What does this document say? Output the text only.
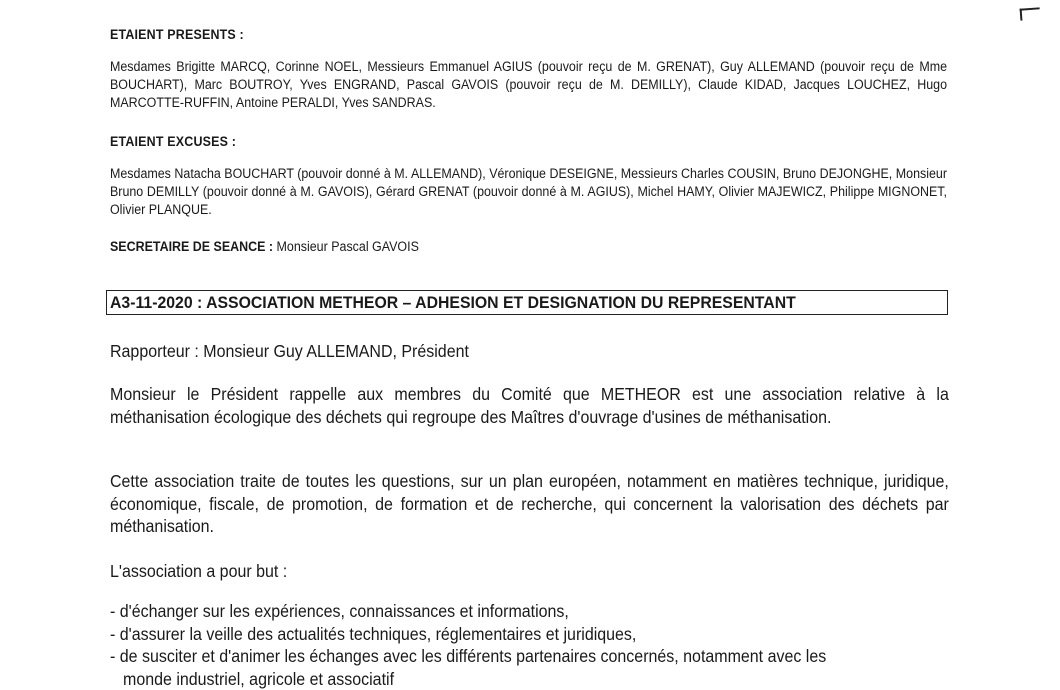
ETAIENT PRESENTS :
Mesdames Brigitte MARCQ, Corinne NOEL, Messieurs Emmanuel AGIUS (pouvoir reçu de M. GRENAT), Guy ALLEMAND (pouvoir reçu de Mme BOUCHART), Marc BOUTROY, Yves ENGRAND, Pascal GAVOIS (pouvoir reçu de M. DEMILLY), Claude KIDAD, Jacques LOUCHEZ, Hugo MARCOTTE-RUFFIN, Antoine PERALDI, Yves SANDRAS.
ETAIENT EXCUSES :
Mesdames Natacha BOUCHART (pouvoir donné à M. ALLEMAND), Véronique DESEIGNE, Messieurs Charles COUSIN, Bruno DEJONGHE, Monsieur Bruno DEMILLY (pouvoir donné à M. GAVOIS), Gérard GRENAT (pouvoir donné à M. AGIUS), Michel HAMY, Olivier MAJEWICZ, Philippe MIGNONET, Olivier PLANQUE.
SECRETAIRE DE SEANCE : Monsieur Pascal GAVOIS
A3-11-2020 : ASSOCIATION METHEOR – ADHESION ET DESIGNATION DU REPRESENTANT
Rapporteur : Monsieur Guy ALLEMAND, Président
Monsieur le Président rappelle aux membres du Comité que METHEOR est une association relative à la méthanisation écologique des déchets qui regroupe des Maîtres d'ouvrage d'usines de méthanisation.
Cette association traite de toutes les questions, sur un plan européen, notamment en matières technique, juridique, économique, fiscale, de promotion, de formation et de recherche, qui concernent la valorisation des déchets par méthanisation.
L'association a pour but :
- d'échanger sur les expériences, connaissances et informations,
- d'assurer la veille des actualités techniques, réglementaires et juridiques,
- de susciter et d'animer les échanges avec les différents partenaires concernés, notamment avec les
monde industriel, agricole et associatif
